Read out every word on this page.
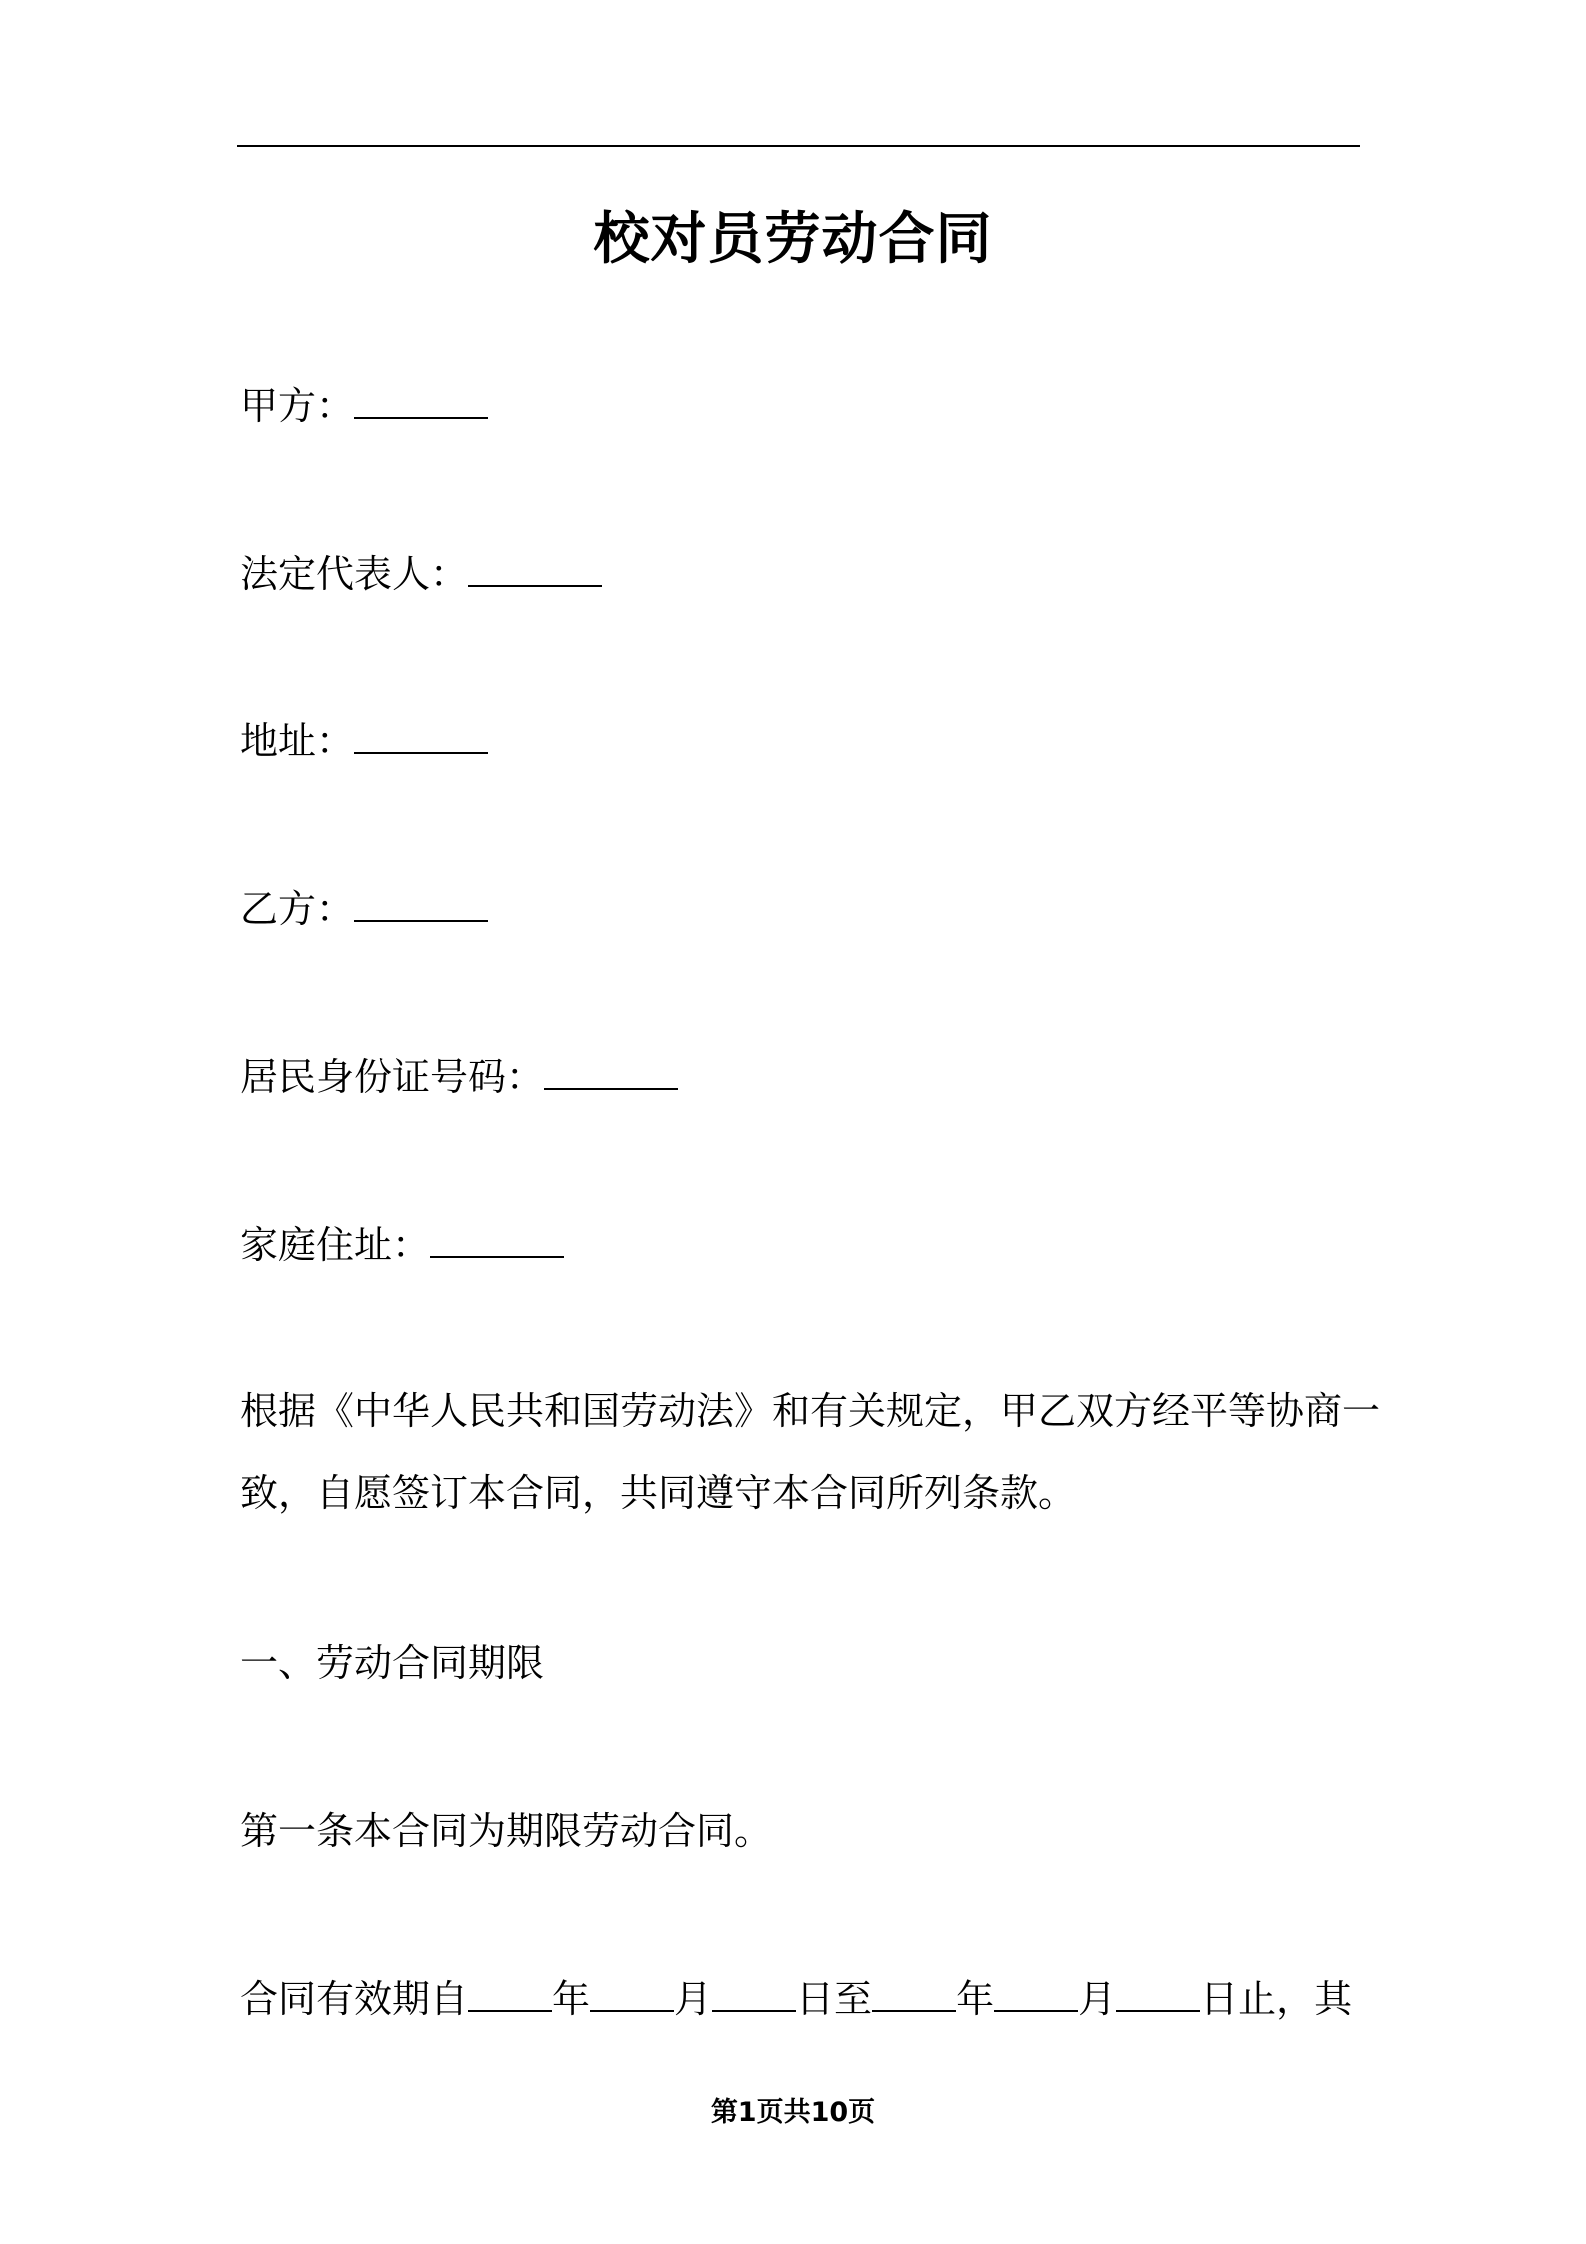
校对员劳动合同
甲方：
法定代表人：
地址：
乙方：
居民身份证号码：
家庭住址：
根据《中华人民共和国劳动法》和有关规定，甲乙双方经平等协商一
致，自愿签订本合同，共同遵守本合同所列条款。
一、劳动合同期限
第一条本合同为期限劳动合同。
合同有效期自 年 月 日至 年 月 日止，其
第1页共10页
